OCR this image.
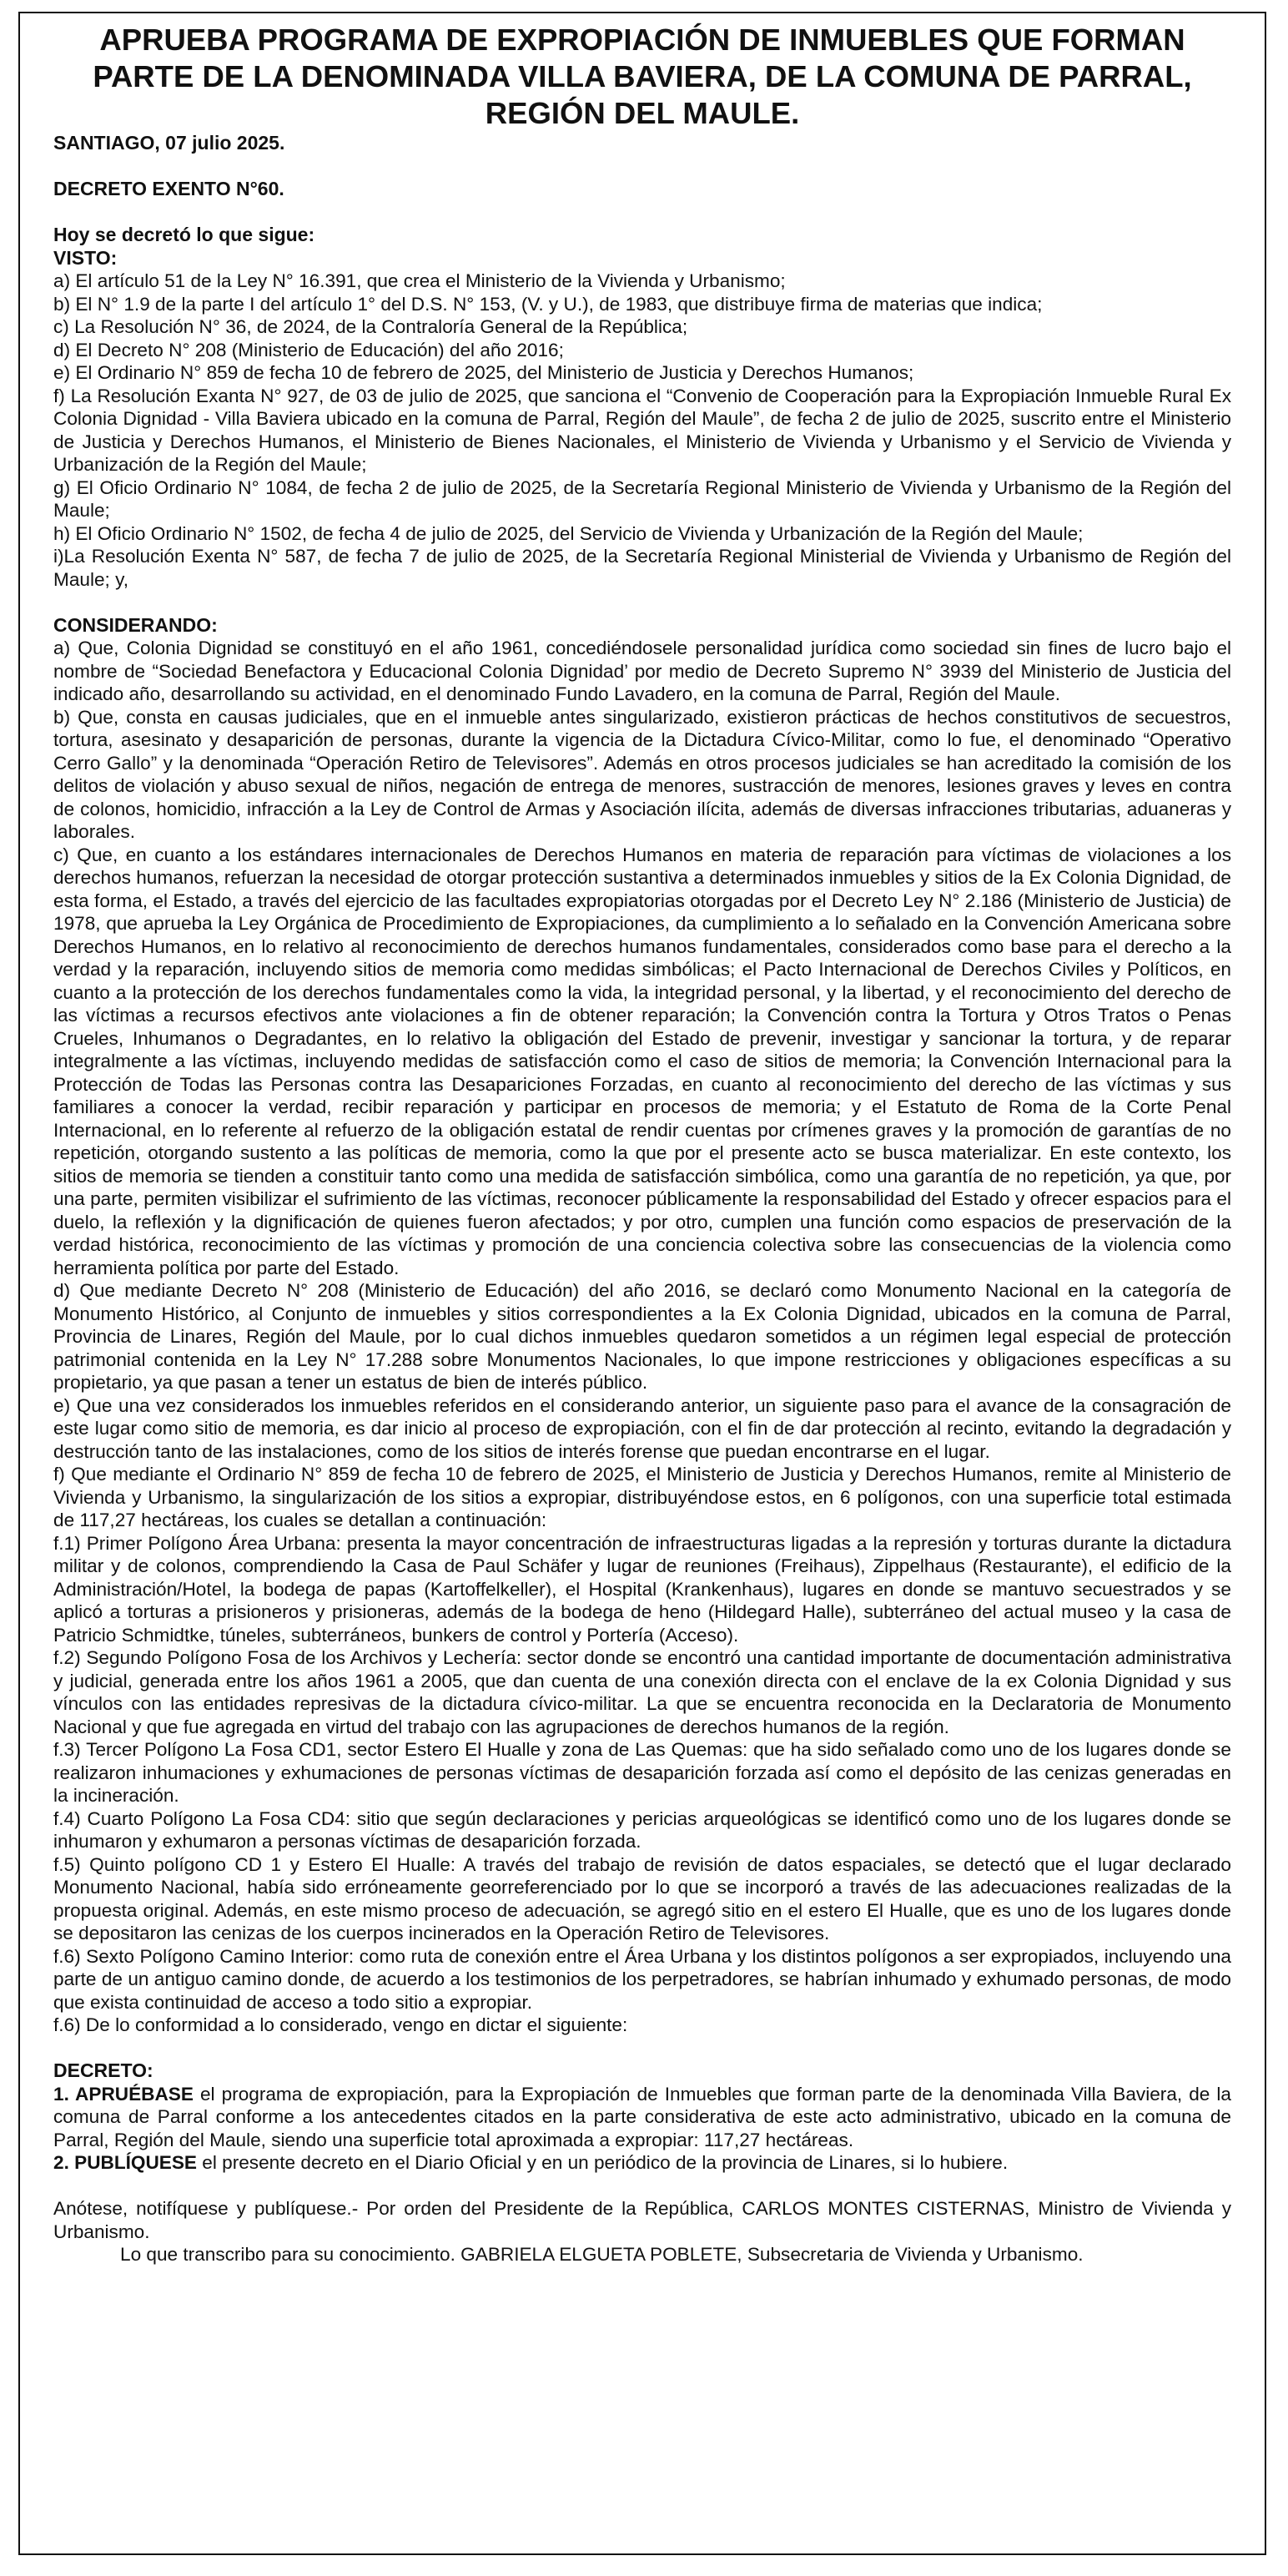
APRUEBA PROGRAMA DE EXPROPIACIÓN DE INMUEBLES QUE FORMAN PARTE DE LA DENOMINADA VILLA BAVIERA, DE LA COMUNA DE PARRAL, REGIÓN DEL MAULE.

SANTIAGO, 07 julio 2025.

DECRETO EXENTO N°60.

Hoy se decretó lo que sigue:

VISTO:

a) El artículo 51 de la Ley N° 16.391, que crea el Ministerio de la Vivienda y Urbanismo;

b) El N° 1.9 de la parte I del artículo 1° del D.S. N° 153, (V. y U.), de 1983, que distribuye firma de materias que indica;

c) La Resolución N° 36, de 2024, de la Contraloría General de la República;

d) El Decreto N° 208 (Ministerio de Educación) del año 2016;

e) El Ordinario N° 859 de fecha 10 de febrero de 2025, del Ministerio de Justicia y Derechos Humanos;

f) La Resolución Exanta N° 927, de 03 de julio de 2025, que sanciona el “Convenio de Cooperación para la Expropiación Inmueble Rural Ex Colonia Dignidad - Villa Baviera ubicado en la comuna de Parral, Región del Maule”, de fecha 2 de julio de 2025, suscrito entre el Ministerio de Justicia y Derechos Humanos, el Ministerio de Bienes Nacionales, el Ministerio de Vivienda y Urbanismo y el Servicio de Vivienda y Urbanización de la Región del Maule;

g) El Oficio Ordinario N° 1084, de fecha 2 de julio de 2025, de la Secretaría Regional Ministerio de Vivienda y Urbanismo de la Región del Maule;

h) El Oficio Ordinario N° 1502, de fecha 4 de julio de 2025, del Servicio de Vivienda y Urbanización de la Región del Maule;

i)La Resolución Exenta N° 587, de fecha 7 de julio de 2025, de la Secretaría Regional Ministerial de Vivienda y Urbanismo de Región del Maule; y,

CONSIDERANDO:

a) Que, Colonia Dignidad se constituyó en el año 1961, concediéndosele personalidad jurídica como sociedad sin fines de lucro bajo el nombre de “Sociedad Benefactora y Educacional Colonia Dignidad’ por medio de Decreto Supremo N° 3939 del Ministerio de Justicia del indicado año, desarrollando su actividad, en el denominado Fundo Lavadero, en la comuna de Parral, Región del Maule.

b) Que, consta en causas judiciales, que en el inmueble antes singularizado, existieron prácticas de hechos constitutivos de secuestros, tortura, asesinato y desaparición de personas, durante la vigencia de la Dictadura Cívico-Militar, como lo fue, el denominado “Operativo Cerro Gallo” y la denominada “Operación Retiro de Televisores”. Además en otros procesos judiciales se han acreditado la comisión de los delitos de violación y abuso sexual de niños, negación de entrega de menores, sustracción de menores, lesiones graves y leves en contra de colonos, homicidio, infracción a la Ley de Control de Armas y Asociación ilícita, además de diversas infracciones tributarias, aduaneras y laborales.

c) Que, en cuanto a los estándares internacionales de Derechos Humanos en materia de reparación para víctimas de violaciones a los derechos humanos, refuerzan la necesidad de otorgar protección sustantiva a determinados inmuebles y sitios de la Ex Colonia Dignidad, de esta forma, el Estado, a través del ejercicio de las facultades expropiatorias otorgadas por el Decreto Ley N° 2.186 (Ministerio de Justicia) de 1978, que aprueba la Ley Orgánica de Procedimiento de Expropiaciones, da cumplimiento a lo señalado en la Convención Americana sobre Derechos Humanos, en lo relativo al reconocimiento de derechos humanos fundamentales, considerados como base para el derecho a la verdad y la reparación, incluyendo sitios de memoria como medidas simbólicas; el Pacto Internacional de Derechos Civiles y Políticos, en cuanto a la protección de los derechos fundamentales como la vida, la integridad personal, y la libertad, y el reconocimiento del derecho de las víctimas a recursos efectivos ante violaciones a fin de obtener reparación; la Convención contra la Tortura y Otros Tratos o Penas Crueles, Inhumanos o Degradantes, en lo relativo la obligación del Estado de prevenir, investigar y sancionar la tortura, y de reparar integralmente a las víctimas, incluyendo medidas de satisfacción como el caso de sitios de memoria; la Convención Internacional para la Protección de Todas las Personas contra las Desapariciones Forzadas, en cuanto al reconocimiento del derecho de las víctimas y sus familiares a conocer la verdad, recibir reparación y participar en procesos de memoria; y el Estatuto de Roma de la Corte Penal Internacional, en lo referente al refuerzo de la obligación estatal de rendir cuentas por crímenes graves y la promoción de garantías de no repetición, otorgando sustento a las políticas de memoria, como la que por el presente acto se busca materializar. En este contexto, los sitios de memoria se tienden a constituir tanto como una medida de satisfacción simbólica, como una garantía de no repetición, ya que, por una parte, permiten visibilizar el sufrimiento de las víctimas, reconocer públicamente la responsabilidad del Estado y ofrecer espacios para el duelo, la reflexión y la dignificación de quienes fueron afectados; y por otro, cumplen una función como espacios de preservación de la verdad histórica, reconocimiento de las víctimas y promoción de una conciencia colectiva sobre las consecuencias de la violencia como herramienta política por parte del Estado.

d) Que mediante Decreto N° 208 (Ministerio de Educación) del año 2016, se declaró como Monumento Nacional en la categoría de Monumento Histórico, al Conjunto de inmuebles y sitios correspondientes a la Ex Colonia Dignidad, ubicados en la comuna de Parral, Provincia de Linares, Región del Maule, por lo cual dichos inmuebles quedaron sometidos a un régimen legal especial de protección patrimonial contenida en la Ley N° 17.288 sobre Monumentos Nacionales, lo que impone restricciones y obligaciones específicas a su propietario, ya que pasan a tener un estatus de bien de interés público.

e) Que una vez considerados los inmuebles referidos en el considerando anterior, un siguiente paso para el avance de la consagración de este lugar como sitio de memoria, es dar inicio al proceso de expropiación, con el fin de dar protección al recinto, evitando la degradación y destrucción tanto de las instalaciones, como de los sitios de interés forense que puedan encontrarse en el lugar.

f) Que mediante el Ordinario N° 859 de fecha 10 de febrero de 2025, el Ministerio de Justicia y Derechos Humanos, remite al Ministerio de Vivienda y Urbanismo, la singularización de los sitios a expropiar, distribuyéndose estos, en 6 polígonos, con una superficie total estimada de 117,27 hectáreas, los cuales se detallan a continuación:

f.1) Primer Polígono Área Urbana: presenta la mayor concentración de infraestructuras ligadas a la represión y torturas durante la dictadura militar y de colonos, comprendiendo la Casa de Paul Schäfer y lugar de reuniones (Freihaus), Zippelhaus (Restaurante), el edificio de la Administración/Hotel, la bodega de papas (Kartoffelkeller), el Hospital (Krankenhaus), lugares en donde se mantuvo secuestrados y se aplicó a torturas a prisioneros y prisioneras, además de la bodega de heno (Hildegard Halle), subterráneo del actual museo y la casa de Patricio Schmidtke, túneles, subterráneos, bunkers de control y Portería (Acceso).

f.2) Segundo Polígono Fosa de los Archivos y Lechería: sector donde se encontró una cantidad importante de documentación administrativa y judicial, generada entre los años 1961 a 2005, que dan cuenta de una conexión directa con el enclave de la ex Colonia Dignidad y sus vínculos con las entidades represivas de la dictadura cívico-militar. La que se encuentra reconocida en la Declaratoria de Monumento Nacional y que fue agregada en virtud del trabajo con las agrupaciones de derechos humanos de la región.

f.3) Tercer Polígono La Fosa CD1, sector Estero El Hualle y zona de Las Quemas: que ha sido señalado como uno de los lugares donde se realizaron inhumaciones y exhumaciones de personas víctimas de desaparición forzada así como el depósito de las cenizas generadas en la incineración.

f.4) Cuarto Polígono La Fosa CD4: sitio que según declaraciones y pericias arqueológicas se identificó como uno de los lugares donde se inhumaron y exhumaron a personas víctimas de desaparición forzada.

f.5) Quinto polígono CD 1 y Estero El Hualle: A través del trabajo de revisión de datos espaciales, se detectó que el lugar declarado Monumento Nacional, había sido erróneamente georreferenciado por lo que se incorporó a través de las adecuaciones realizadas de la propuesta original. Además, en este mismo proceso de adecuación, se agregó sitio en el estero El Hualle, que es uno de los lugares donde se depositaron las cenizas de los cuerpos incinerados en la Operación Retiro de Televisores.

f.6) Sexto Polígono Camino Interior: como ruta de conexión entre el Área Urbana y los distintos polígonos a ser expropiados, incluyendo una parte de un antiguo camino donde, de acuerdo a los testimonios de los perpetradores, se habrían inhumado y exhumado personas, de modo que exista continuidad de acceso a todo sitio a expropiar.

f.6) De lo conformidad a lo considerado, vengo en dictar el siguiente:

DECRETO:

1. APRUÉBASE el programa de expropiación, para la Expropiación de Inmuebles que forman parte de la denominada Villa Baviera, de la comuna de Parral conforme a los antecedentes citados en la parte considerativa de este acto administrativo, ubicado en la comuna de Parral, Región del Maule, siendo una superficie total aproximada a expropiar: 117,27 hectáreas.

2. PUBLÍQUESE el presente decreto en el Diario Oficial y en un periódico de la provincia de Linares, si lo hubiere.

Anótese, notifíquese y publíquese.- Por orden del Presidente de la República, CARLOS MONTES CISTERNAS, Ministro de Vivienda y Urbanismo.

Lo que transcribo para su conocimiento. GABRIELA ELGUETA POBLETE, Subsecretaria de Vivienda y Urbanismo.
